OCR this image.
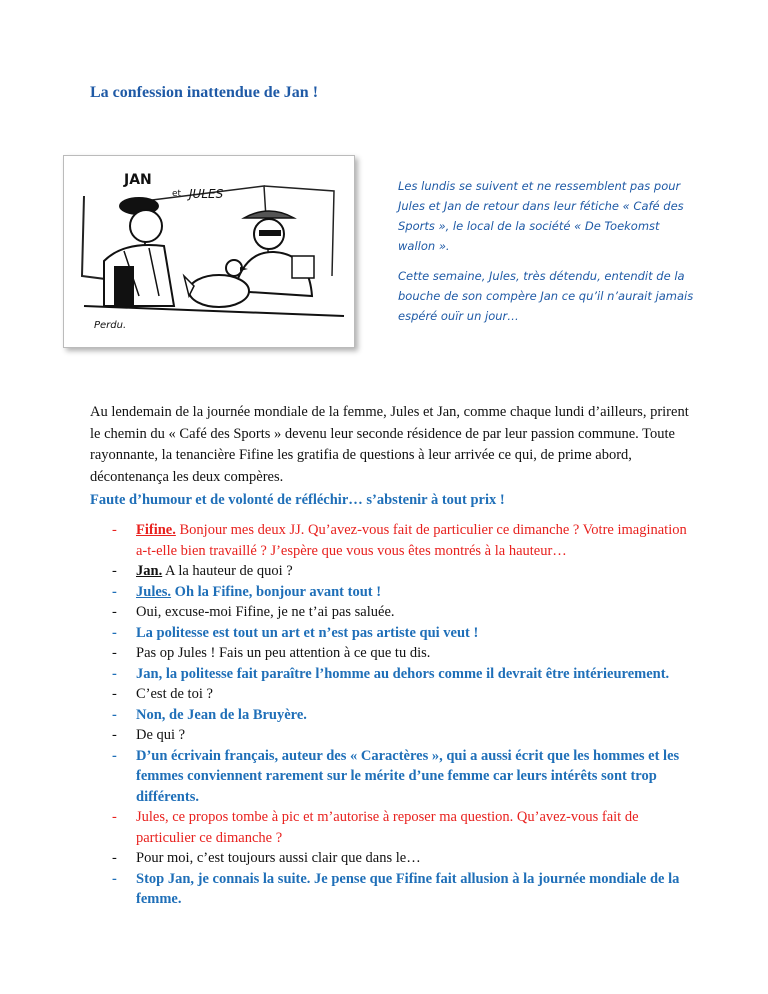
La confession inattendue de Jan !
JAN
et JULES
Perdu.

Les lundis se suivent et ne ressemblent pas pour Jules et Jan de retour dans leur fétiche « Café des Sports », le local de la société « De Toekomst wallon ».

Cette semaine, Jules, très détendu, entendit de la bouche de son compère Jan ce qu’il n’aurait jamais espéré ouïr un jour…

Au lendemain de la journée mondiale de la femme, Jules et Jan, comme chaque lundi d’ailleurs, prirent le chemin du « Café des Sports » devenu leur seconde résidence de par leur passion commune. Toute rayonnante, la tenancière Fifine les gratifia de questions à leur arrivée ce qui, de prime abord, décontenança les deux compères.

Faute d’humour et de volonté de réfléchir… s’abstenir à tout prix !
- Fifine. Bonjour mes deux JJ. Qu’avez-vous fait de particulier ce dimanche ? Votre imagination a-t-elle bien travaillé ? J’espère que vous vous êtes montrés à la hauteur…
- Jan. A la hauteur de quoi ?
- Jules. Oh la Fifine, bonjour avant tout !
- Oui, excuse-moi Fifine, je ne t’ai pas saluée.
- La politesse est tout un art et n’est pas artiste qui veut !
- Pas op Jules ! Fais un peu attention à ce que tu dis.
- Jan, la politesse fait paraître l’homme au dehors comme il devrait être intérieurement.
- C’est de toi ?
- Non, de Jean de la Bruyère.
- De qui ?
- D’un écrivain français, auteur des « Caractères », qui a aussi écrit que les hommes et les femmes conviennent rarement sur le mérite d’une femme car leurs intérêts sont trop différents.
- Jules, ce propos tombe à pic et m’autorise à reposer ma question. Qu’avez-vous fait de particulier ce dimanche ?
- Pour moi, c’est toujours aussi clair que dans le…
- Stop Jan, je connais la suite. Je pense que Fifine fait allusion à la journée mondiale de la femme.
